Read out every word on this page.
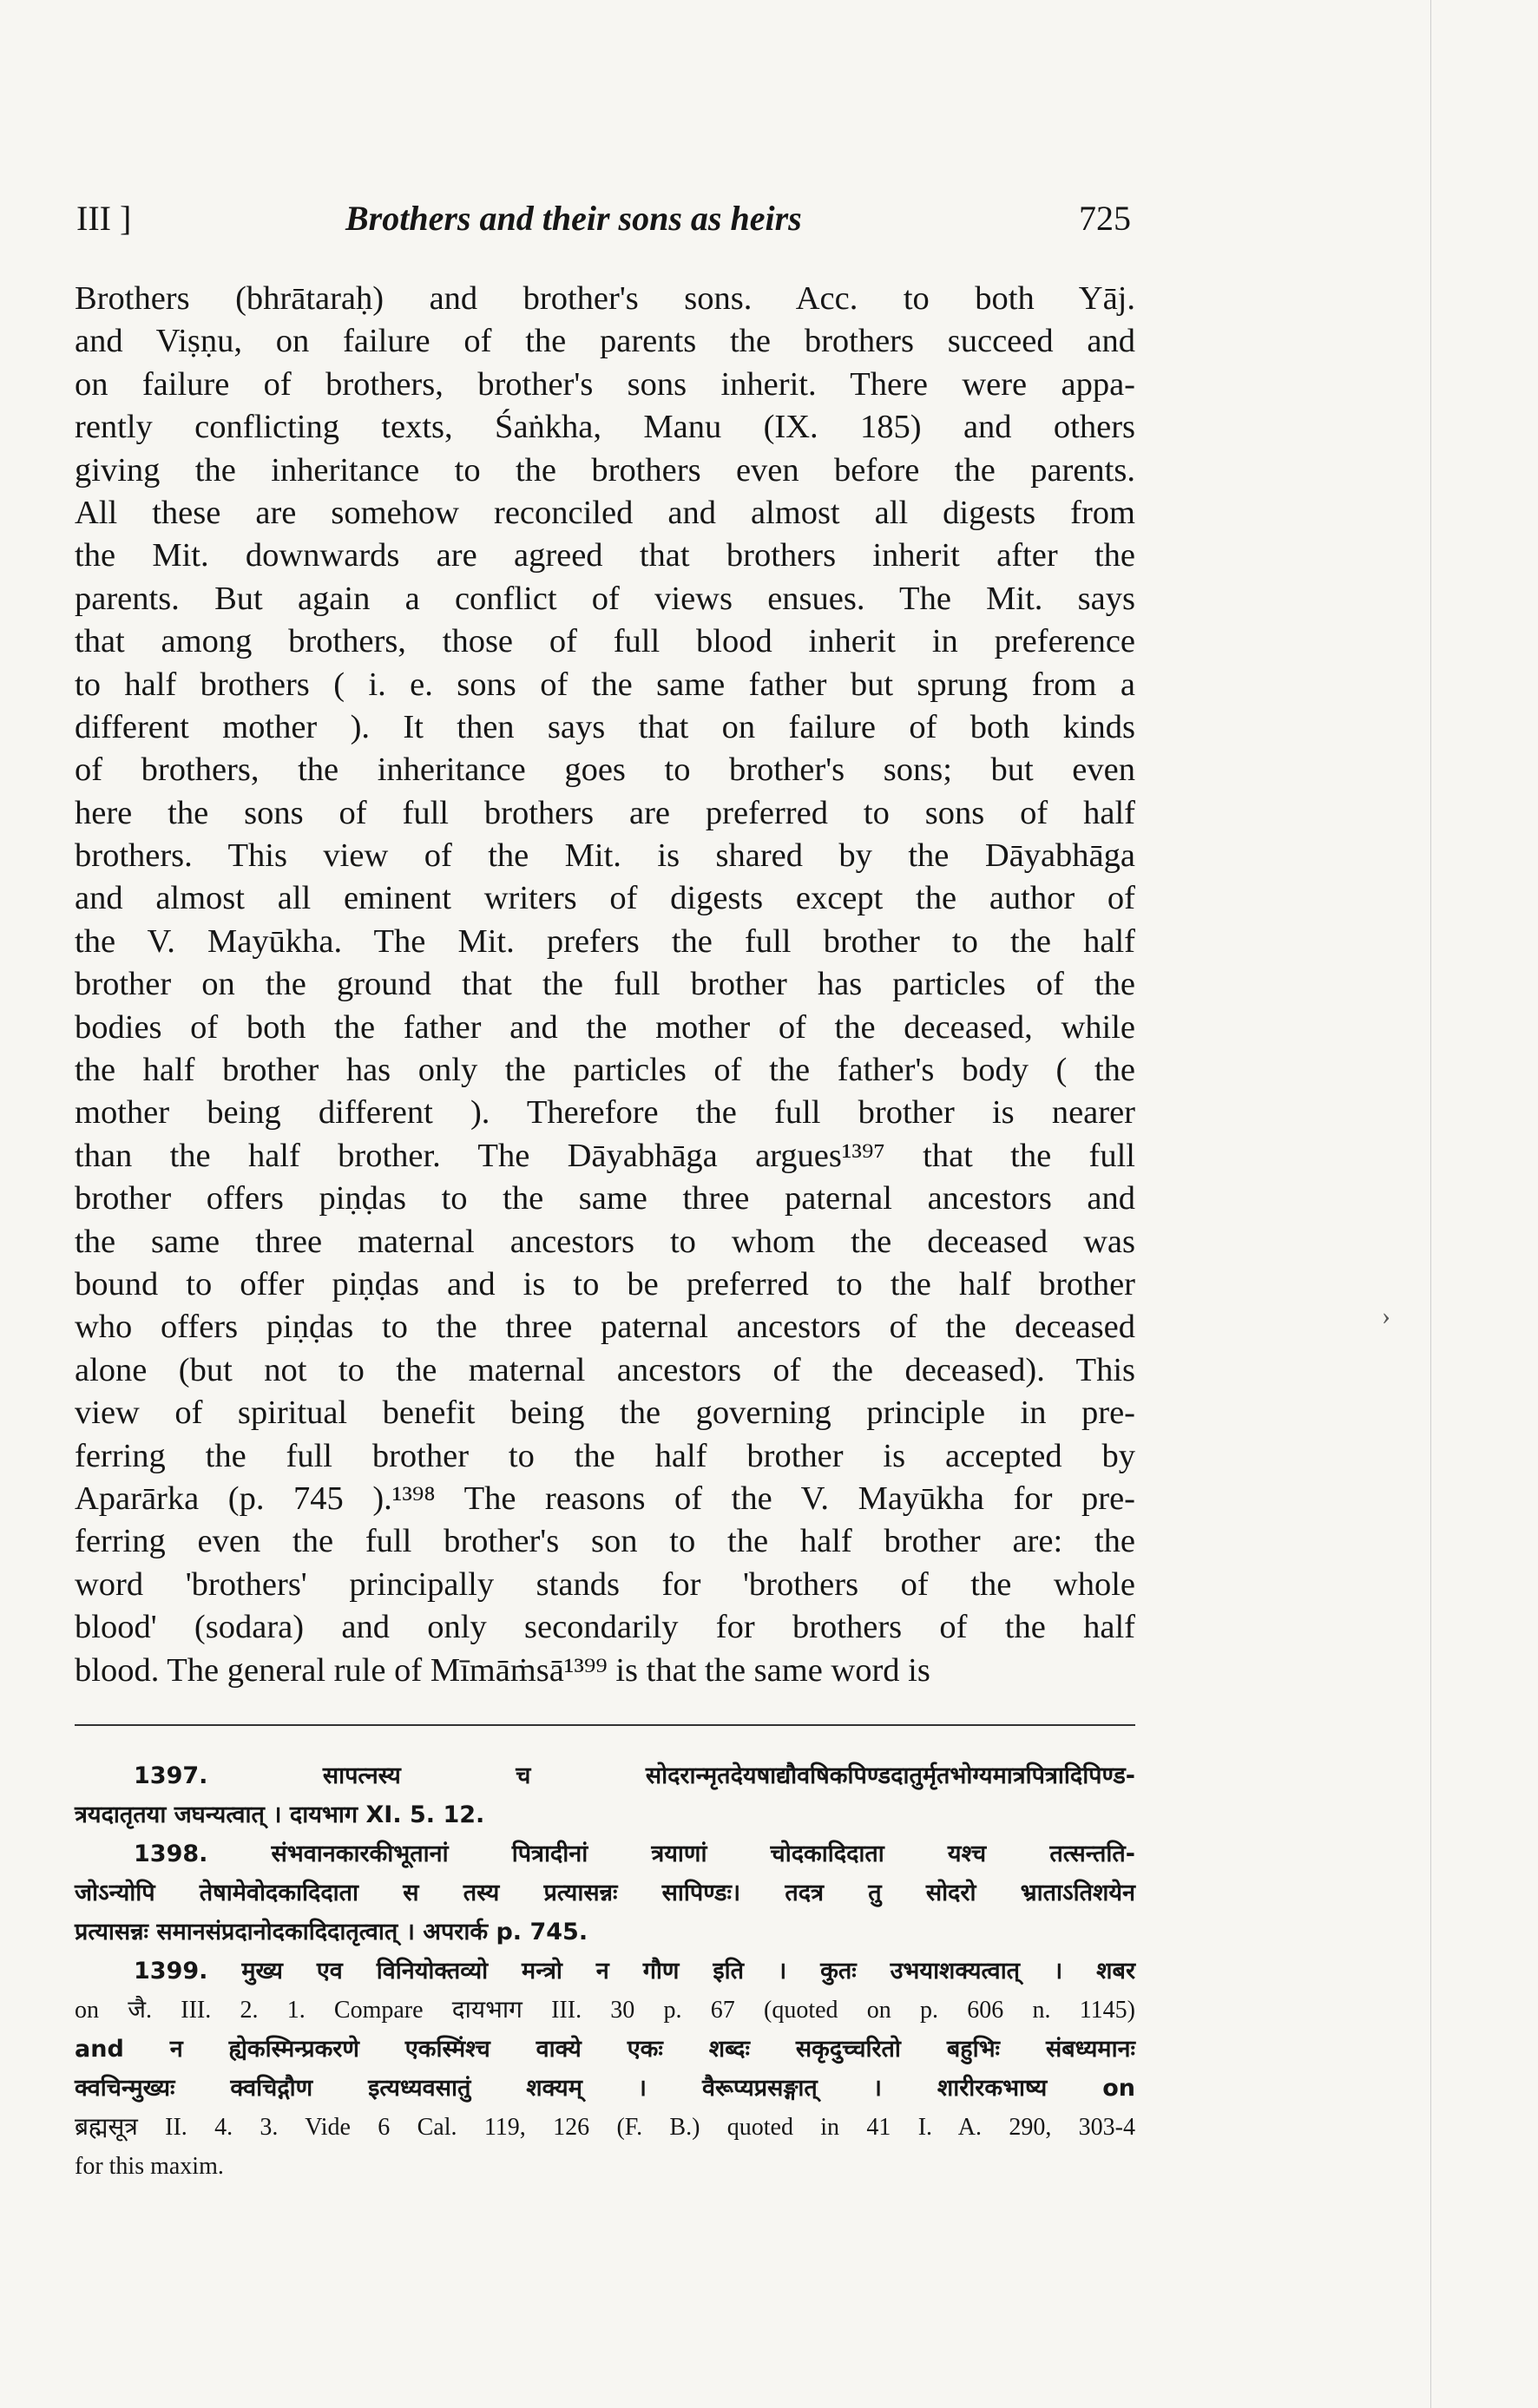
III ]	Brothers and their sons as heirs	725
Brothers (bhrātaraḥ) and brother's sons. Acc. to both Yāj.
and Viṣṇu, on failure of the parents the brothers succeed and
on failure of brothers, brother's sons inherit. There were appa-
rently conflicting texts, Śaṅkha, Manu (IX. 185) and others
giving the inheritance to the brothers even before the parents.
All these are somehow reconciled and almost all digests from
the Mit. downwards are agreed that brothers inherit after the
parents. But again a conflict of views ensues. The Mit. says
that among brothers, those of full blood inherit in preference
to half brothers ( i. e. sons of the same father but sprung from a
different mother ). It then says that on failure of both kinds
of brothers, the inheritance goes to brother's sons; but even
here the sons of full brothers are preferred to sons of half
brothers. This view of the Mit. is shared by the Dāyabhāga
and almost all eminent writers of digests except the author of
the V. Mayūkha. The Mit. prefers the full brother to the half
brother on the ground that the full brother has particles of the
bodies of both the father and the mother of the deceased, while
the half brother has only the particles of the father's body ( the
mother being different ). Therefore the full brother is nearer
than the half brother. The Dāyabhāga argues¹³⁹⁷ that the full
brother offers piṇḍas to the same three paternal ancestors and
the same three maternal ancestors to whom the deceased was
bound to offer piṇḍas and is to be preferred to the half brother
who offers piṇḍas to the three paternal ancestors of the deceased
alone (but not to the maternal ancestors of the deceased). This
view of spiritual benefit being the governing principle in pre-
ferring the full brother to the half brother is accepted by
Aparārka (p. 745 ).¹³⁹⁸ The reasons of the V. Mayūkha for pre-
ferring even the full brother's son to the half brother are: the
word 'brothers' principally stands for 'brothers of the whole
blood' (sodara) and only secondarily for brothers of the half
blood. The general rule of Mīmāṁsā¹³⁹⁹ is that the same word is
1397. सापत्नस्य च सोदरान्मृतदेयषाद्यौवषिकपिण्डदातुर्मृतभोग्यमात्रपित्रादिपिण्ड-
त्रयदातृतया जघन्यत्वात् । दायभाग XI. 5. 12.
1398. संभवानकारकीभूतानां पित्रादीनां त्रयाणां चोदकादिदाता यश्च तत्सन्तति-
जोऽन्योपि तेषामेवोदकादिदाता स तस्य प्रत्यासन्नः सापिण्डः। तदत्र तु सोदरो भ्राताऽतिशयेन
प्रत्यासन्नः समानसंप्रदानोदकादिदातृत्वात् । अपरार्क p. 745.
1399. मुख्य एव विनियोक्तव्यो मन्त्रो न गौण इति । कुतः उभयाशक्यत्वात् । शबर
on जै. III. 2. 1. Compare दायभाग III. 30 p. 67 (quoted on p. 606 n. 1145)
and न ह्येकस्मिन्प्रकरणे एकस्मिंश्च वाक्ये एकः शब्दः सकृदुच्चरितो बहुभिः संबध्यमानः
क्वचिन्मुख्यः क्वचिद्गौण इत्यध्यवसातुं शक्यम् । वैरूप्यप्रसङ्गात् । शारीरकभाष्य on
ब्रह्मसूत्र II. 4. 3. Vide 6 Cal. 119, 126 (F. B.) quoted in 41 I. A. 290, 303-4
for this maxim.
›
